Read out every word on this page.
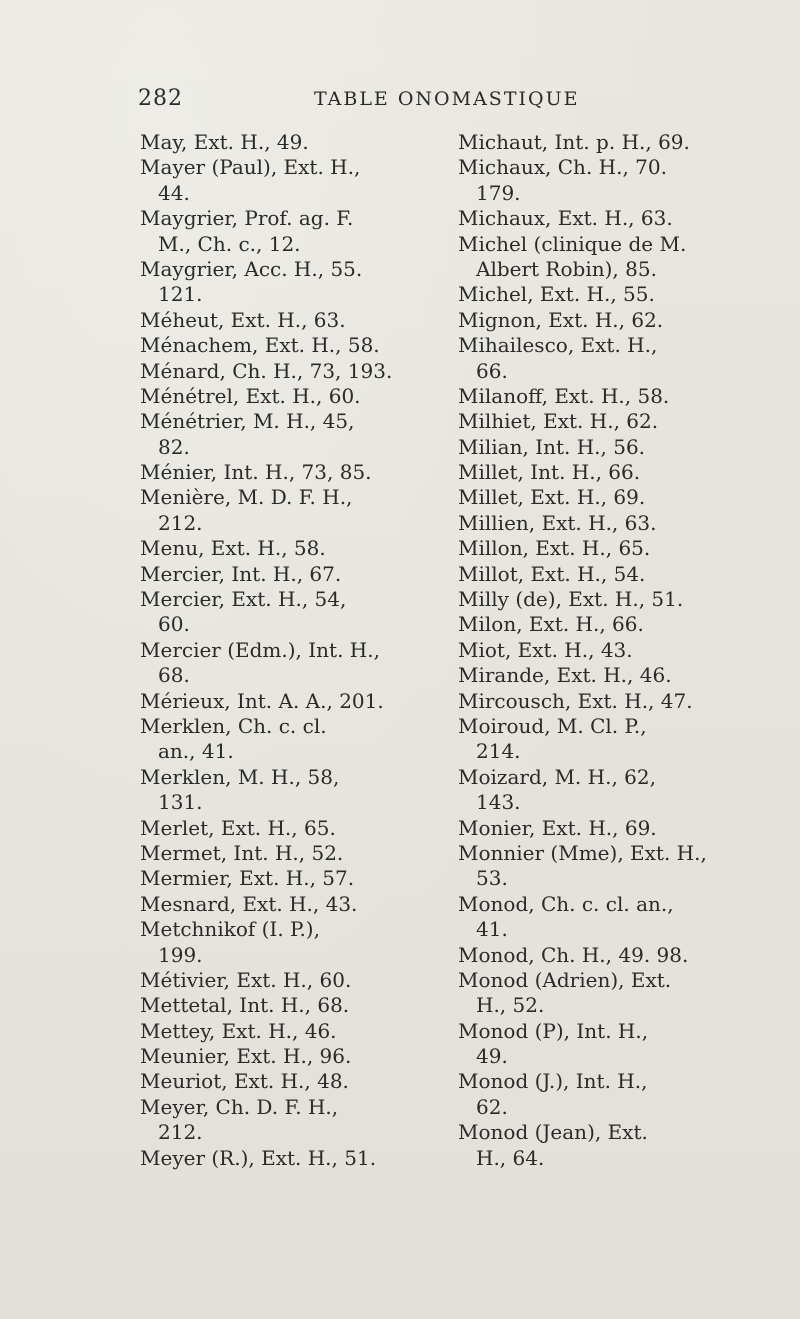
282	TABLE ONOMASTIQUE
May, Ext. H., 49.
Mayer (Paul), Ext. H.,
44.
Maygrier, Prof. ag. F.
M., Ch. c., 12.
Maygrier, Acc. H., 55.
121.
Méheut, Ext. H., 63.
Ménachem, Ext. H., 58.
Ménard, Ch. H., 73, 193.
Ménétrel, Ext. H., 60.
Ménétrier, M. H., 45,
82.
Ménier, Int. H., 73, 85.
Menière, M. D. F. H.,
212.
Menu, Ext. H., 58.
Mercier, Int. H., 67.
Mercier, Ext. H., 54,
60.
Mercier (Edm.), Int. H.,
68.
Mérieux, Int. A. A., 201.
Merklen, Ch. c. cl.
an., 41.
Merklen, M. H., 58,
131.
Merlet, Ext. H., 65.
Mermet, Int. H., 52.
Mermier, Ext. H., 57.
Mesnard, Ext. H., 43.
Metchnikof (I. P.),
199.
Métivier, Ext. H., 60.
Mettetal, Int. H., 68.
Mettey, Ext. H., 46.
Meunier, Ext. H., 96.
Meuriot, Ext. H., 48.
Meyer, Ch. D. F. H.,
212.
Meyer (R.), Ext. H., 51.
Michaut, Int. p. H., 69.
Michaux, Ch. H., 70.
179.
Michaux, Ext. H., 63.
Michel (clinique de M.
Albert Robin), 85.
Michel, Ext. H., 55.
Mignon, Ext. H., 62.
Mihailesco, Ext. H.,
66.
Milanoff, Ext. H., 58.
Milhiet, Ext. H., 62.
Milian, Int. H., 56.
Millet, Int. H., 66.
Millet, Ext. H., 69.
Millien, Ext. H., 63.
Millon, Ext. H., 65.
Millot, Ext. H., 54.
Milly (de), Ext. H., 51.
Milon, Ext. H., 66.
Miot, Ext. H., 43.
Mirande, Ext. H., 46.
Mircousch, Ext. H., 47.
Moiroud, M. Cl. P.,
214.
Moizard, M. H., 62,
143.
Monier, Ext. H., 69.
Monnier (Mme), Ext. H.,
53.
Monod, Ch. c. cl. an.,
41.
Monod, Ch. H., 49. 98.
Monod (Adrien), Ext.
H., 52.
Monod (P), Int. H.,
49.
Monod (J.), Int. H.,
62.
Monod (Jean), Ext.
H., 64.
